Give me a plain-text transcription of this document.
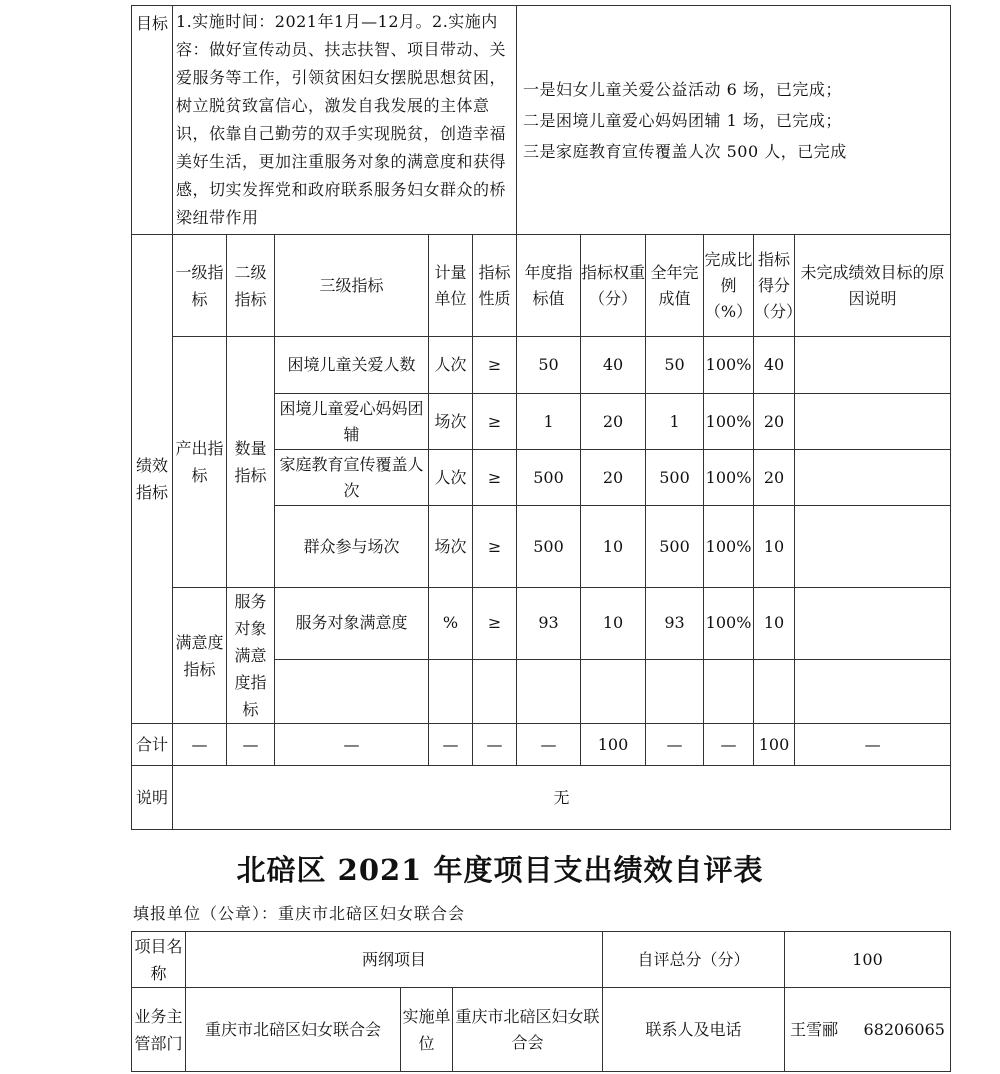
目标	1.实施时间：2021年1月—12月。2.实施内容：做好宣传动员、扶志扶智、项目带动、关爱服务等工作，引领贫困妇女摆脱思想贫困，树立脱贫致富信心，激发自我发展的主体意识，依靠自己勤劳的双手实现脱贫，创造幸福美好生活，更加注重服务对象的满意度和获得感，切实发挥党和政府联系服务妇女群众的桥梁纽带作用					一是妇女儿童关爱公益活动 6 场，已完成；
二是困境儿童爱心妈妈团辅 1 场，已完成；
三是家庭教育宣传覆盖人次 500 人，已完成					

绩效指标	一级指标	二级指标	三级指标	计量单位	指标性质	年度指标值	指标权重（分）	全年完成值	完成比例（%）	指标得分（分）	未完成绩效目标的原因说明
	产出指标	数量指标	困境儿童关爱人数	人次	≥	50	40	50	100%	40	
			困境儿童爱心妈妈团辅	场次	≥	1	20	1	100%	20	
			家庭教育宣传覆盖人次	人次	≥	500	20	500	100%	20	
			群众参与场次	场次	≥	500	10	500	100%	10	
	满意度指标	服务对象满意度指标	服务对象满意度	%	≥	93	10	93	100%	10	

合计	—	—	—	—	—	—	100	—	—	100	—
说明	无										
北碚区 2021 年度项目支出绩效自评表
填报单位（公章）：重庆市北碚区妇女联合会
项目名称	两纲项目			自评总分（分）	100
业务主管部门	重庆市北碚区妇女联合会	实施单位	重庆市北碚区妇女联合会	联系人及电话	王雪郦 68206065
